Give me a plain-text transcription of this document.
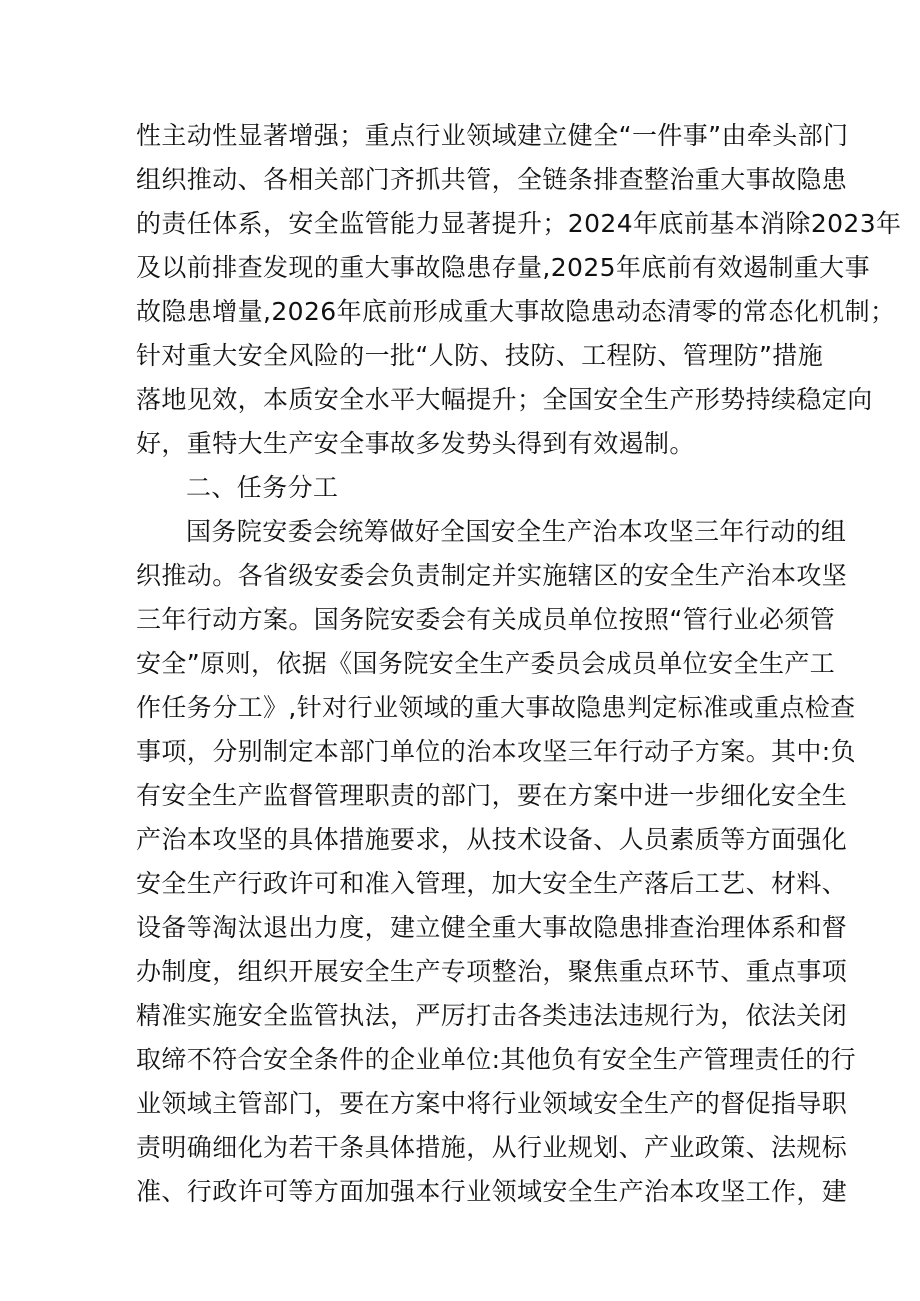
性主动性显著增强；重点行业领域建立健全“一件事”由牵头部门
组织推动、各相关部门齐抓共管，全链条排查整治重大事故隐患
的责任体系，安全监管能力显著提升；2024年底前基本消除2023年
及以前排查发现的重大事故隐患存量,2025年底前有效遏制重大事
故隐患增量,2026年底前形成重大事故隐患动态清零的常态化机制；
针对重大安全风险的一批“人防、技防、工程防、管理防”措施
落地见效，本质安全水平大幅提升；全国安全生产形势持续稳定向
好，重特大生产安全事故多发势头得到有效遏制。
二、任务分工
国务院安委会统筹做好全国安全生产治本攻坚三年行动的组
织推动。各省级安委会负责制定并实施辖区的安全生产治本攻坚
三年行动方案。国务院安委会有关成员单位按照“管行业必须管
安全”原则，依据《国务院安全生产委员会成员单位安全生产工
作任务分工》,针对行业领域的重大事故隐患判定标准或重点检查
事项，分别制定本部门单位的治本攻坚三年行动子方案。其中:负
有安全生产监督管理职责的部门，要在方案中进一步细化安全生
产治本攻坚的具体措施要求，从技术设备、人员素质等方面强化
安全生产行政许可和准入管理，加大安全生产落后工艺、材料、
设备等淘汰退出力度，建立健全重大事故隐患排查治理体系和督
办制度，组织开展安全生产专项整治，聚焦重点环节、重点事项
精准实施安全监管执法，严厉打击各类违法违规行为，依法关闭
取缔不符合安全条件的企业单位:其他负有安全生产管理责任的行
业领域主管部门，要在方案中将行业领域安全生产的督促指导职
责明确细化为若干条具体措施，从行业规划、产业政策、法规标
准、行政许可等方面加强本行业领域安全生产治本攻坚工作，建
